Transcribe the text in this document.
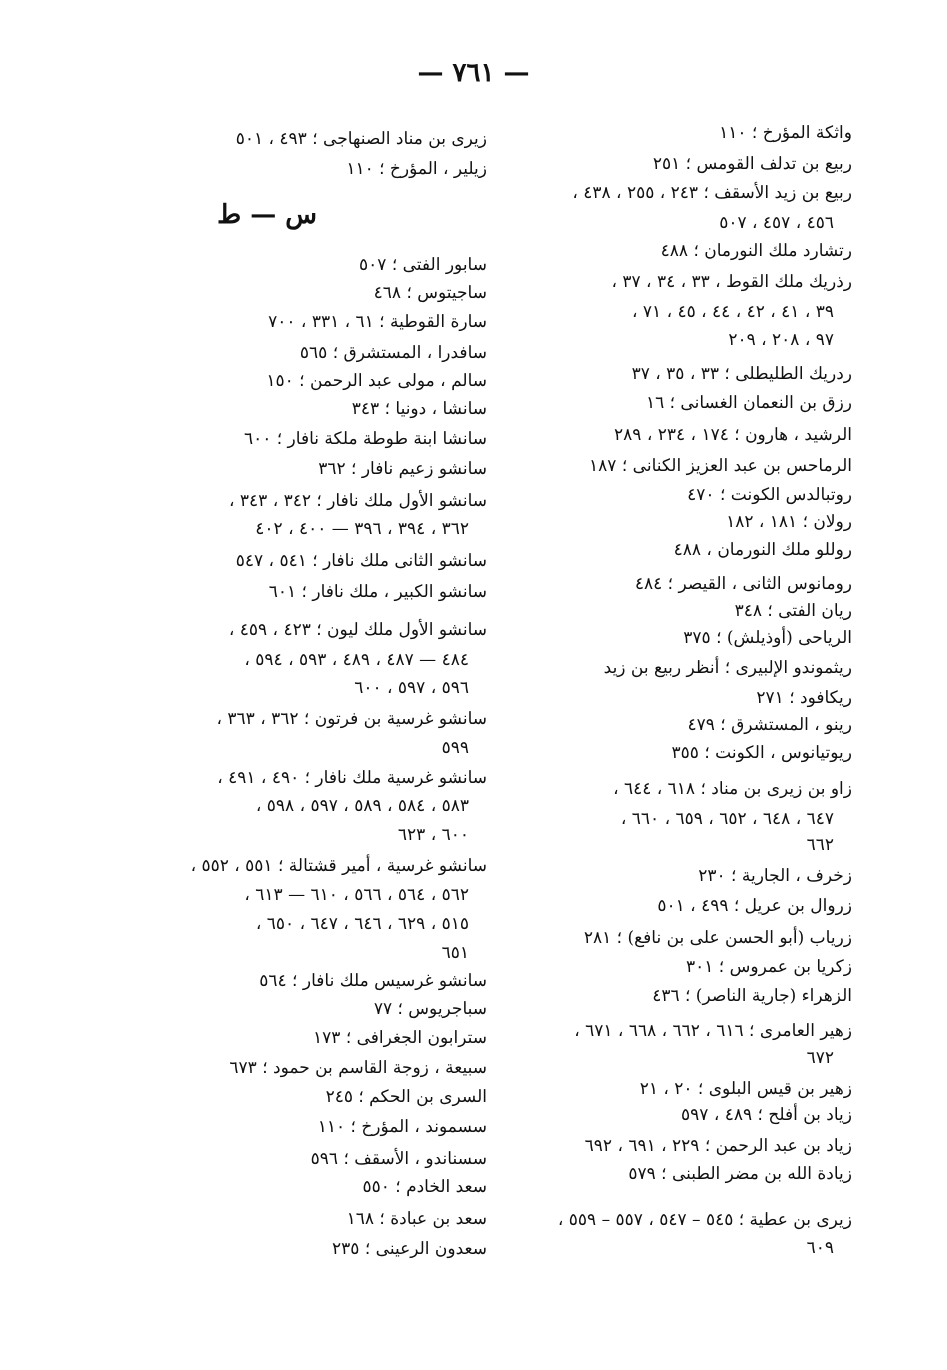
— ٧٦١ —
واثكة المؤرخ ؛ ١١٠
ربيع بن تدلف القومس ؛ ٢٥١
ربيع بن زيد الأسقف ؛ ٢٤٣ ، ٢٥٥ ، ٤٣٨ ،
٤٥٦ ، ٤٥٧ ، ٥٠٧
رتشارد ملك النورمان ؛ ٤٨٨
رذريك ملك القوط ، ٣٣ ، ٣٤ ، ٣٧ ،
٣٩ ، ٤١ ، ٤٢ ، ٤٤ ، ٤٥ ، ٧١ ،
٩٧ ، ٢٠٨ ، ٢٠٩
ردريك الطليطلى ؛ ٣٣ ، ٣٥ ، ٣٧
رزق بن النعمان الغسانى ؛ ١٦
الرشيد ، هارون ؛ ١٧٤ ، ٢٣٤ ، ٢٨٩
الرماحس بن عبد العزيز الكنانى ؛ ١٨٧
روتبالدس الكونت ؛ ٤٧٠
رولان ؛ ١٨١ ، ١٨٢
روللو ملك النورمان ، ٤٨٨
رومانوس الثانى ، القيصر ؛ ٤٨٤
ريان الفتى ؛ ٣٤٨
الرياحى (أوذيلش) ؛ ٣٧٥
ريثموندو الإلبيرى ؛ أنظر ربيع بن زيد
ريكافود ؛ ٢٧١
رينو ، المستشرق ؛ ٤٧٩
ريوتيانوس ، الكونت ؛ ٣٥٥
زاو بن زيرى بن مناد ؛ ٦١٨ ، ٦٤٤ ،
٦٤٧ ، ٦٤٨ ، ٦٥٢ ، ٦٥٩ ، ٦٦٠ ،
٦٦٢
زخرف ، الجارية ؛ ٢٣٠
زروال بن عريل ؛ ٤٩٩ ، ٥٠١
زرياب (أبو الحسن على بن نافع) ؛ ٢٨١
زكريا بن عمروس ؛ ٣٠١
الزهراء (جارية الناصر) ؛ ٤٣٦
زهير العامرى ؛ ٦١٦ ، ٦٦٢ ، ٦٦٨ ، ٦٧١ ،
٦٧٢
زهير بن قيس البلوى ؛ ٢٠ ، ٢١
زياد بن أفلح ؛ ٤٨٩ ، ٥٩٧
زياد بن عبد الرحمن ؛ ٢٢٩ ، ٦٩١ ، ٦٩٢
زيادة الله بن مضر الطبنى ؛ ٥٧٩
زيرى بن عطية ؛ ٥٤٥ – ٥٤٧ ، ٥٥٧ – ٥٥٩ ،
٦٠٩
س — ط
زيرى بن مناد الصنهاجى ؛ ٤٩٣ ، ٥٠١
زيلير ، المؤرخ ؛ ١١٠
سابور الفتى ؛ ٥٠٧
ساجيتوس ؛ ٤٦٨
سارة القوطية ؛ ٦١ ، ٣٣١ ، ٧٠٠
سافدرا ، المستشرق ؛ ٥٦٥
سالم ، مولى عبد الرحمن ؛ ١٥٠
سانشا ، دونيا ؛ ٣٤٣
سانشا ابنة طوطة ملكة نافار ؛ ٦٠٠
سانشو زعيم نافار ؛ ٣٦٢
سانشو الأول ملك نافار ؛ ٣٤٢ ، ٣٤٣ ،
٣٦٢ ، ٣٩٤ ، ٣٩٦ — ٤٠٠ ، ٤٠٢
سانشو الثانى ملك نافار ؛ ٥٤١ ، ٥٤٧
سانشو الكبير ، ملك نافار ؛ ٦٠١
سانشو الأول ملك ليون ؛ ٤٢٣ ، ٤٥٩ ،
٤٨٤ — ٤٨٧ ، ٤٨٩ ، ٥٩٣ ، ٥٩٤ ،
٥٩٦ ، ٥٩٧ ، ٦٠٠
سانشو غرسية بن فرتون ؛ ٣٦٢ ، ٣٦٣ ،
٥٩٩
سانشو غرسية ملك نافار ؛ ٤٩٠ ، ٤٩١ ،
٥٨٣ ، ٥٨٤ ، ٥٨٩ ، ٥٩٧ ، ٥٩٨ ،
٦٠٠ ، ٦٢٣
سانشو غرسية ، أمير قشتالة ؛ ٥٥١ ، ٥٥٢ ،
٥٦٢ ، ٥٦٤ ، ٥٦٦ ، ٦١٠ — ٦١٣ ،
٥١٥ ، ٦٢٩ ، ٦٤٦ ، ٦٤٧ ، ٦٥٠ ،
٦٥١
سانشو غرسيس ملك نافار ؛ ٥٦٤
سباجريوس ؛ ٧٧
سترابون الجغرافى ؛ ١٧٣
سبيعة ، زوجة القاسم بن حمود ؛ ٦٧٣
السرى بن الحكم ؛ ٢٤٥
سسموند ، المؤرخ ؛ ١١٠
سسناندو ، الأسقف ؛ ٥٩٦
سعد الخادم ؛ ٥٥٠
سعد بن عبادة ؛ ١٦٨
سعدون الرعينى ؛ ٢٣٥
